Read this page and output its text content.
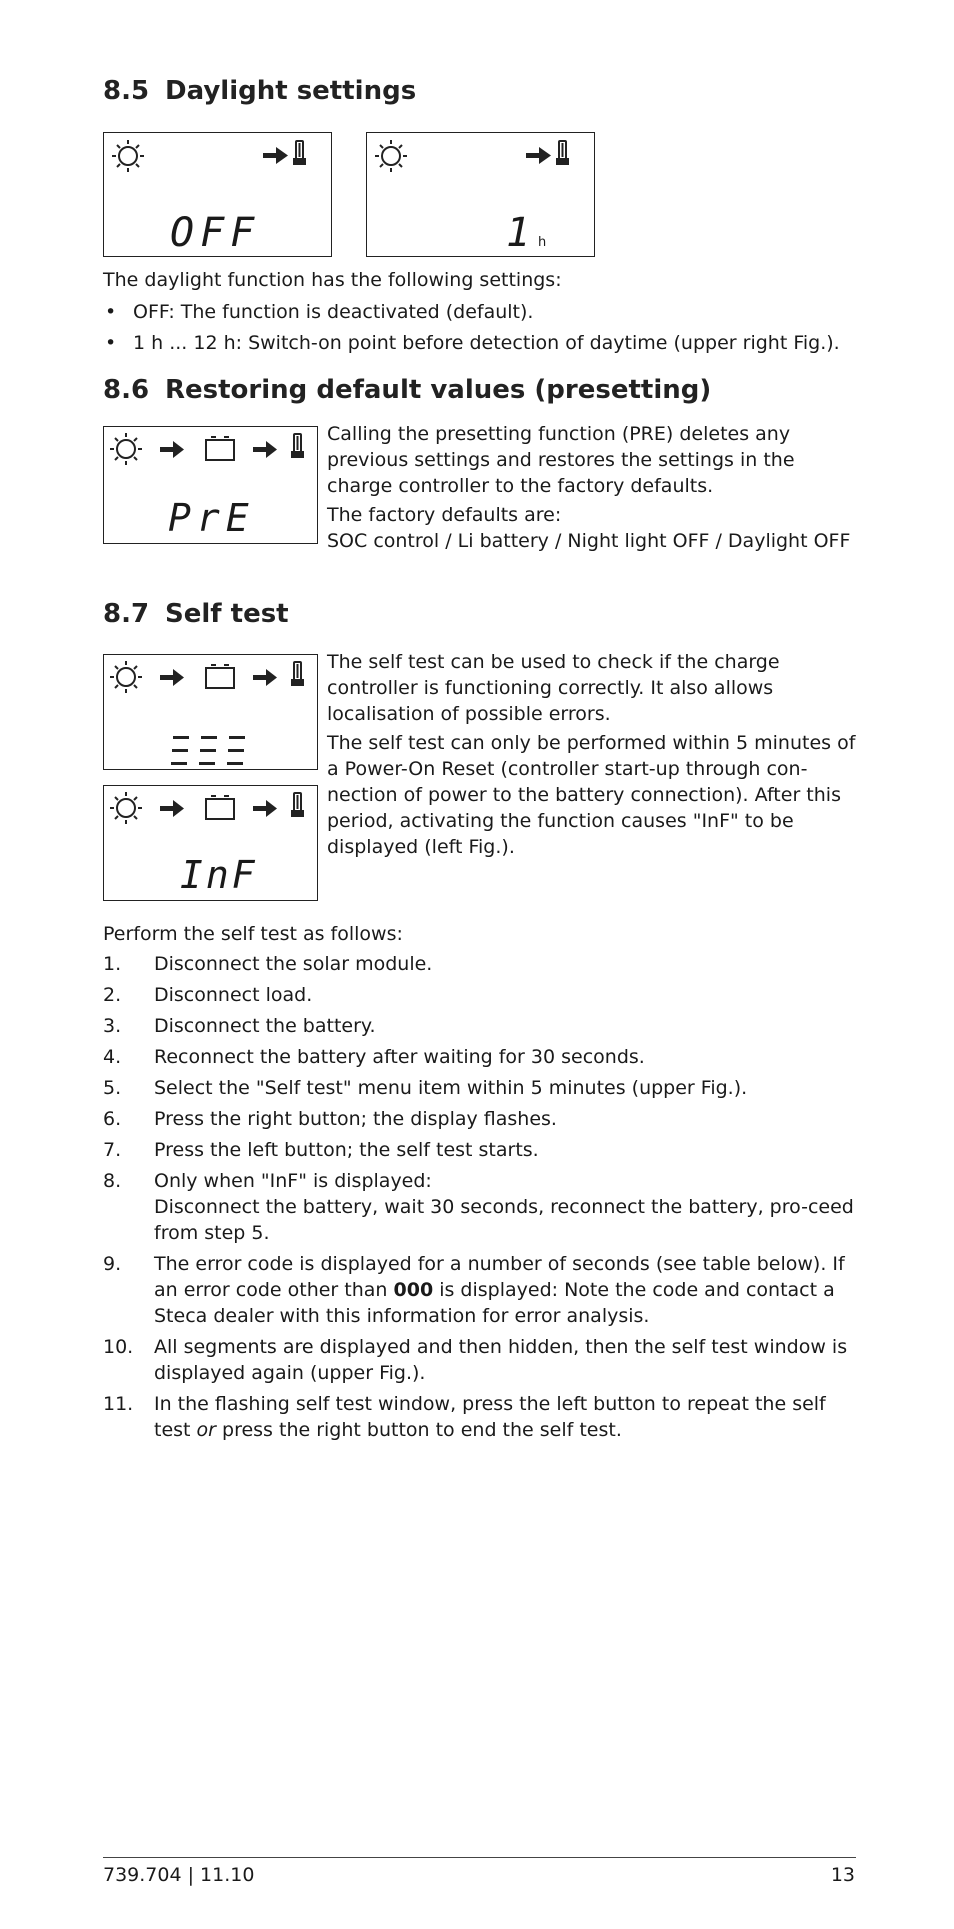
8.5 Daylight settings
OFF	1 h

The daylight function has the following settings:

• OFF: The function is deactivated (default).
• 1 h ... 12 h: Switch-on point before detection of daytime (upper right Fig.).
8.6 Restoring default values (presetting)
PrE

Calling the presetting function (PRE) deletes any previous settings and restores the settings in the charge controller to the factory defaults.

The factory defaults are:

SOC control / Li battery / Night light OFF / Daylight OFF

8.7 Self test
InF

The self test can be used to check if the charge controller is functioning correctly. It also allows localisation of possible errors.

The self test can only be performed within 5 minutes of a Power-On Reset (controller start-up through con-nection of power to the battery connection). After this period, activating the function causes "InF" to be displayed (left Fig.).

Perform the self test as follows:

1. Disconnect the solar module.
2. Disconnect load.
3. Disconnect the battery.
4. Reconnect the battery after waiting for 30 seconds.
5. Select the "Self test" menu item within 5 minutes (upper Fig.).
6. Press the right button; the display flashes.
7. Press the left button; the self test starts.
8. Only when "InF" is displayed:
Disconnect the battery, wait 30 seconds, reconnect the battery, pro-ceed from step 5.
9. The error code is displayed for a number of seconds (see table below). If an error code other than 000 is displayed: Note the code and contact a Steca dealer with this information for error analysis.
10. All segments are displayed and then hidden, then the self test window is displayed again (upper Fig.).
11. In the flashing self test window, press the left button to repeat the self test or press the right button to end the self test.
739.704 | 11.10	13
